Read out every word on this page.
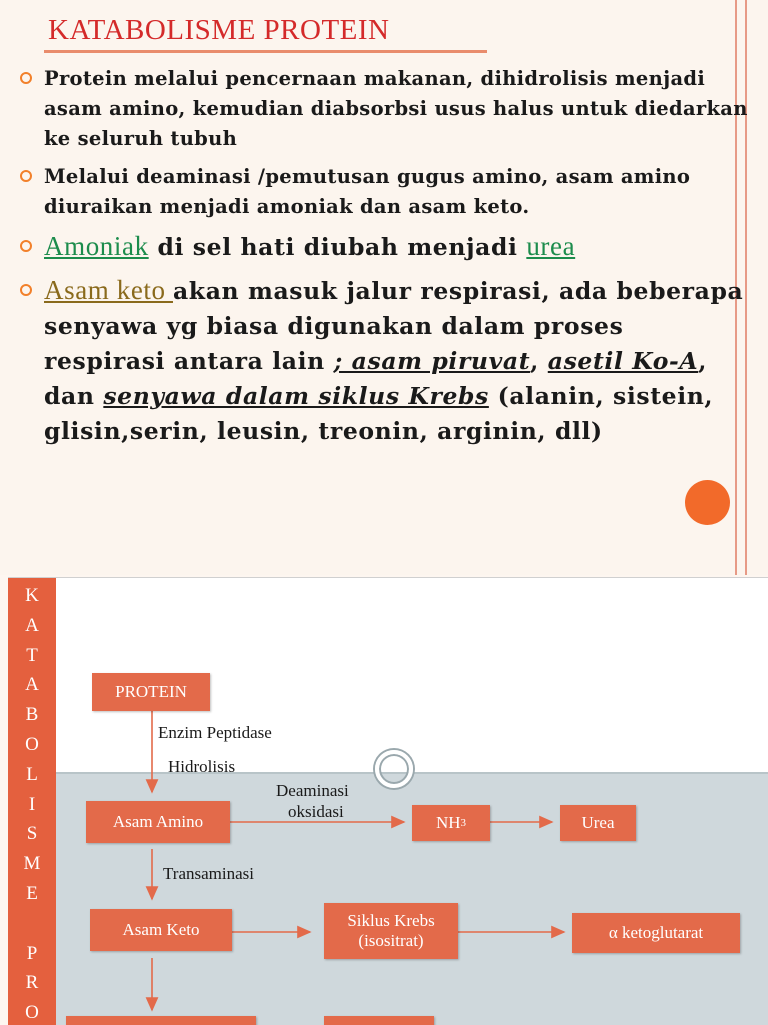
KATABOLISME PROTEIN
Protein melalui pencernaan makanan, dihidrolisis menjadi asam amino, kemudian diabsorbsi usus halus untuk diedarkan ke seluruh tubuh
Melalui deaminasi /pemutusan gugus amino, asam amino diuraikan menjadi amoniak dan asam keto.
Amoniak di sel hati diubah menjadi urea
Asam keto akan masuk jalur respirasi, ada beberapa senyawa yg biasa digunakan dalam proses respirasi antara lain ; asam piruvat, asetil Ko-A, dan senyawa dalam siklus Krebs (alanin, sistein, glisin,serin, leusin, treonin, arginin, dll)
K
A
T
A
B
O
L
I
S
M
E
P
R
O
PROTEIN
Asam Amino	NH 3	Urea
Asam Keto	Siklus Krebs
(isositrat)	α ketoglutarat
Enzim Peptidase
Hidrolisis
Deaminasi
oksidasi
Transaminasi
